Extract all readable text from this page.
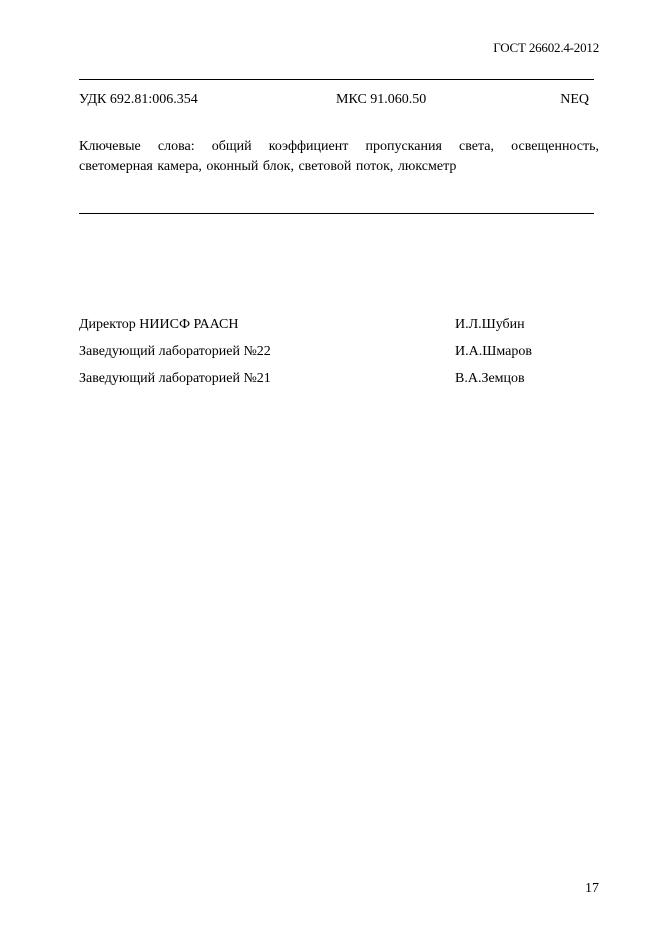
ГОСТ 26602.4-2012
УДК 692.81:006.354	МКС 91.060.50	NEQ
Ключевые слова: общий коэффициент пропускания света, освещенность, светомерная камера, оконный блок, световой поток, люксметр
Директор НИИСФ РААСН	И.Л.Шубин
Заведующий лабораторией №22	И.А.Шмаров
Заведующий лабораторией №21	В.А.Земцов
17
